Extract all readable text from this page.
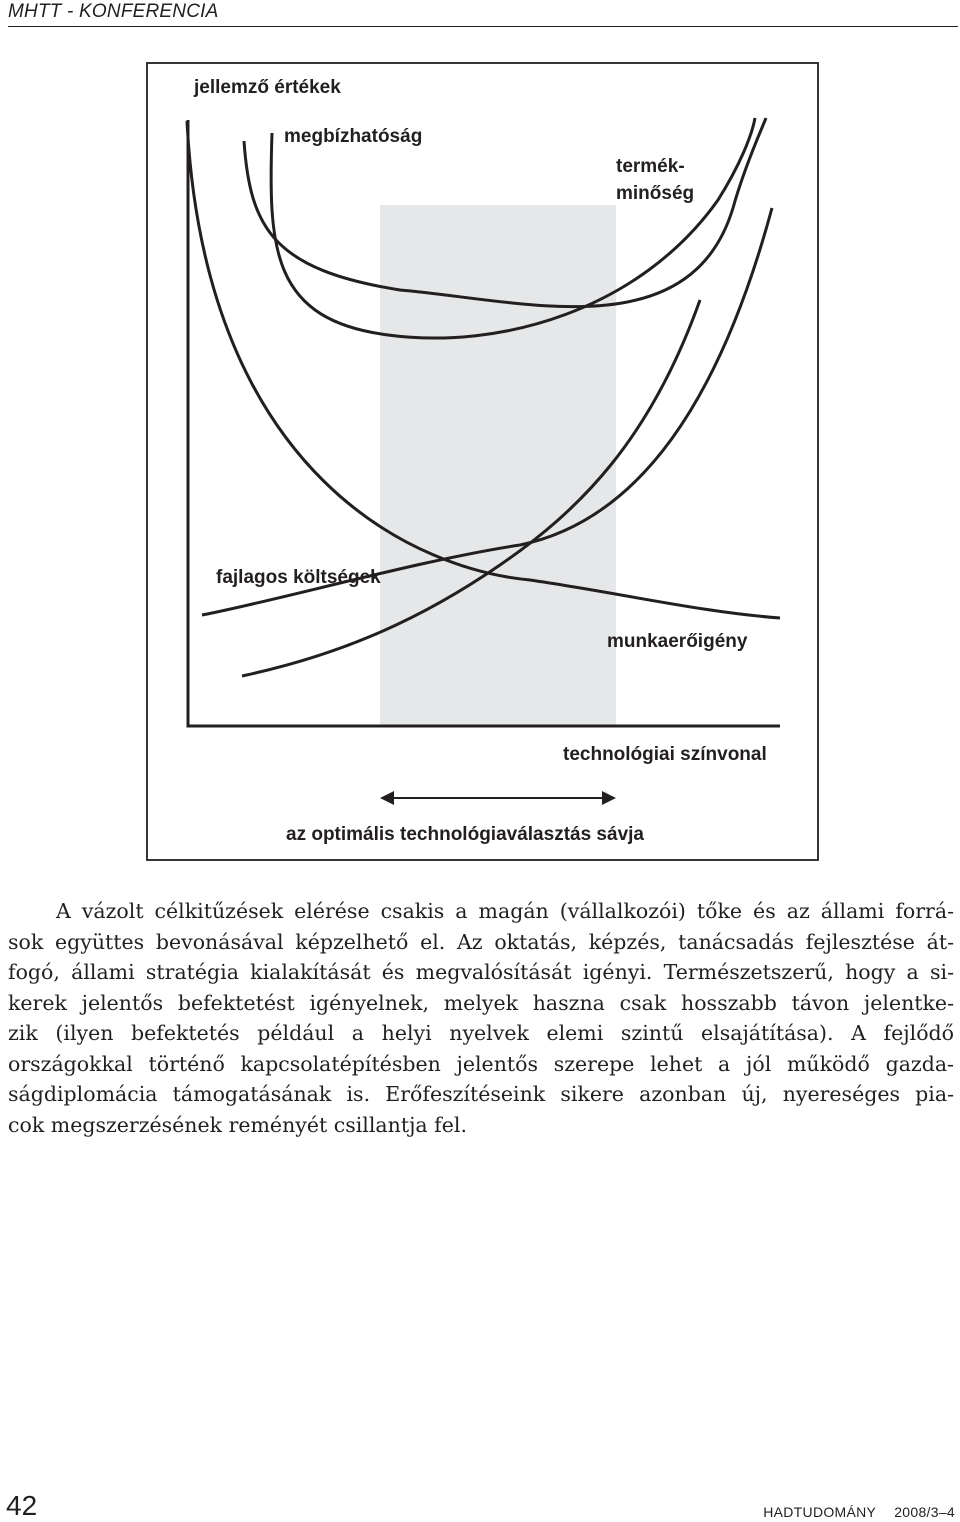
MHTT - KONFERENCIA
jellemző értékek
megbízhatóság
termék-
minőség
fajlagos költségek
munkaerőigény
technológiai színvonal
az optimális technológiaválasztás sávja
A vázolt célkitűzések elérése csakis a magán (vállalkozói) tőke és az állami forrá-
sok együttes bevonásával képzelhető el. Az oktatás, képzés, tanácsadás fejlesztése át-
fogó, állami stratégia kialakítását és megvalósítását igényi. Természetszerű, hogy a si-
kerek jelentős befektetést igényelnek, melyek haszna csak hosszabb távon jelentke-
zik (ilyen befektetés például a helyi nyelvek elemi szintű elsajátítása). A fejlődő
országokkal történő kapcsolatépítésben jelentős szerepe lehet a jól működő gazda-
ságdiplomácia támogatásának is. Erőfeszítéseink sikere azonban új, nyereséges pia-
cok megszerzésének reményét csillantja fel.
42	HADTUDOMÁNY 2008/3–4
